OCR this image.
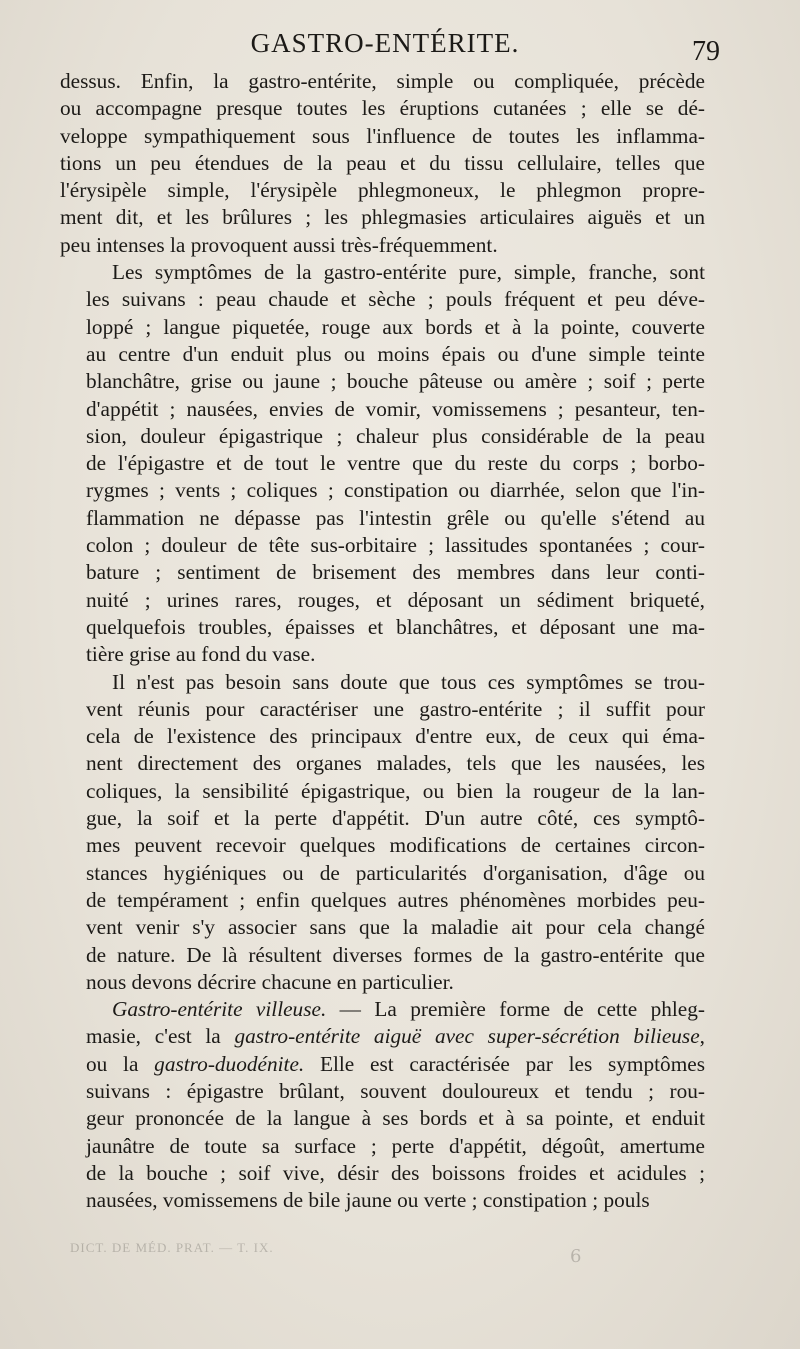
GASTRO-ENTÉRITE.	79
dessus. Enfin, la gastro-entérite, simple ou compliquée, précède
ou accompagne presque toutes les éruptions cutanées ; elle se dé-
veloppe sympathiquement sous l'influence de toutes les inflamma-
tions un peu étendues de la peau et du tissu cellulaire, telles que
l'érysipèle simple, l'érysipèle phlegmoneux, le phlegmon propre-
ment dit, et les brûlures ; les phlegmasies articulaires aiguës et un
peu intenses la provoquent aussi très-fréquemment.
Les symptômes de la gastro-entérite pure, simple, franche, sont
les suivans : peau chaude et sèche ; pouls fréquent et peu déve-
loppé ; langue piquetée, rouge aux bords et à la pointe, couverte
au centre d'un enduit plus ou moins épais ou d'une simple teinte
blanchâtre, grise ou jaune ; bouche pâteuse ou amère ; soif ; perte
d'appétit ; nausées, envies de vomir, vomissemens ; pesanteur, ten-
sion, douleur épigastrique ; chaleur plus considérable de la peau
de l'épigastre et de tout le ventre que du reste du corps ; borbo-
rygmes ; vents ; coliques ; constipation ou diarrhée, selon que l'in-
flammation ne dépasse pas l'intestin grêle ou qu'elle s'étend au
colon ; douleur de tête sus-orbitaire ; lassitudes spontanées ; cour-
bature ; sentiment de brisement des membres dans leur conti-
nuité ; urines rares, rouges, et déposant un sédiment briqueté,
quelquefois troubles, épaisses et blanchâtres, et déposant une ma-
tière grise au fond du vase.
Il n'est pas besoin sans doute que tous ces symptômes se trou-
vent réunis pour caractériser une gastro-entérite ; il suffit pour
cela de l'existence des principaux d'entre eux, de ceux qui éma-
nent directement des organes malades, tels que les nausées, les
coliques, la sensibilité épigastrique, ou bien la rougeur de la lan-
gue, la soif et la perte d'appétit. D'un autre côté, ces symptô-
mes peuvent recevoir quelques modifications de certaines circon-
stances hygiéniques ou de particularités d'organisation, d'âge ou
de tempérament ; enfin quelques autres phénomènes morbides peu-
vent venir s'y associer sans que la maladie ait pour cela changé
de nature. De là résultent diverses formes de la gastro-entérite que
nous devons décrire chacune en particulier.
Gastro-entérite villeuse. — La première forme de cette phleg-
masie, c'est la gastro-entérite aiguë avec super-sécrétion bilieuse,
ou la gastro-duodénite. Elle est caractérisée par les symptômes
suivans : épigastre brûlant, souvent douloureux et tendu ; rou-
geur prononcée de la langue à ses bords et à sa pointe, et enduit
jaunâtre de toute sa surface ; perte d'appétit, dégoût, amertume
de la bouche ; soif vive, désir des boissons froides et acidules ;
nausées, vomissemens de bile jaune ou verte ; constipation ; pouls
DICT. DE MÉD. PRAT. — T. IX.	6
